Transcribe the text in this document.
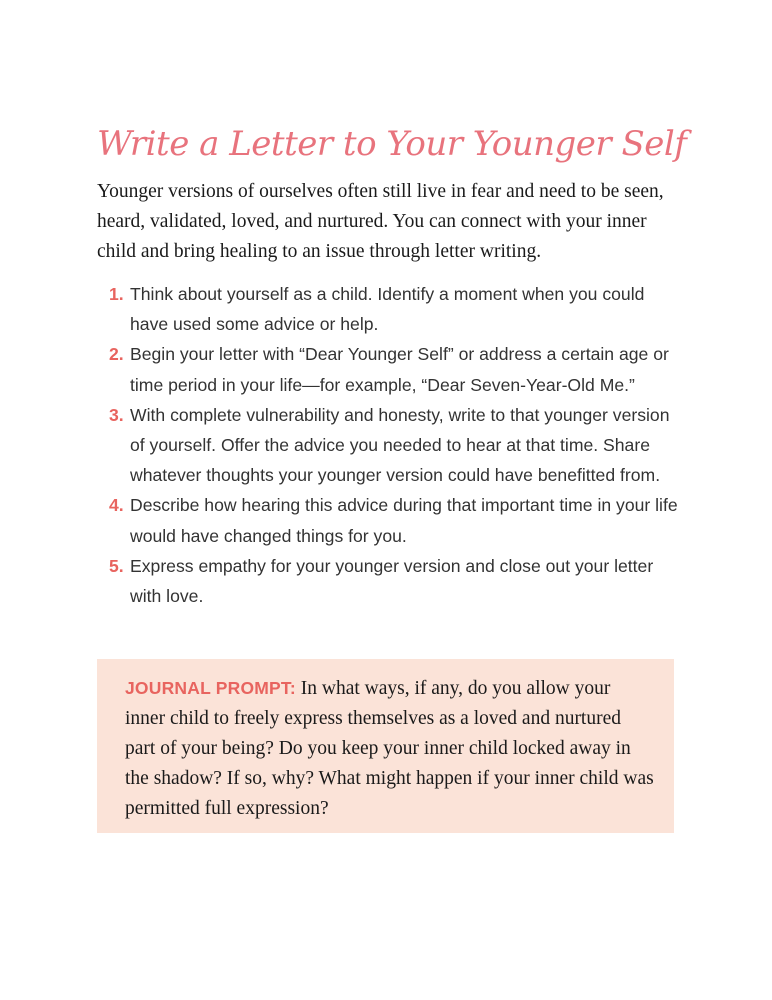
Write a Letter to Your Younger Self

Younger versions of ourselves often still live in fear and need to be seen, heard, validated, loved, and nurtured. You can connect with your inner child and bring healing to an issue through letter writing.

1. Think about yourself as a child. Identify a moment when you could have used some advice or help.
2. Begin your letter with “Dear Younger Self” or address a certain age or time period in your life—for example, “Dear Seven-Year-Old Me.”
3. With complete vulnerability and honesty, write to that younger version of yourself. Offer the advice you needed to hear at that time. Share whatever thoughts your younger version could have benefitted from.
4. Describe how hearing this advice during that important time in your life would have changed things for you.
5. Express empathy for your younger version and close out your letter with love.

JOURNAL PROMPT: In what ways, if any, do you allow your inner child to freely express themselves as a loved and nurtured part of your being? Do you keep your inner child locked away in the shadow? If so, why? What might happen if your inner child was permitted full expression?
